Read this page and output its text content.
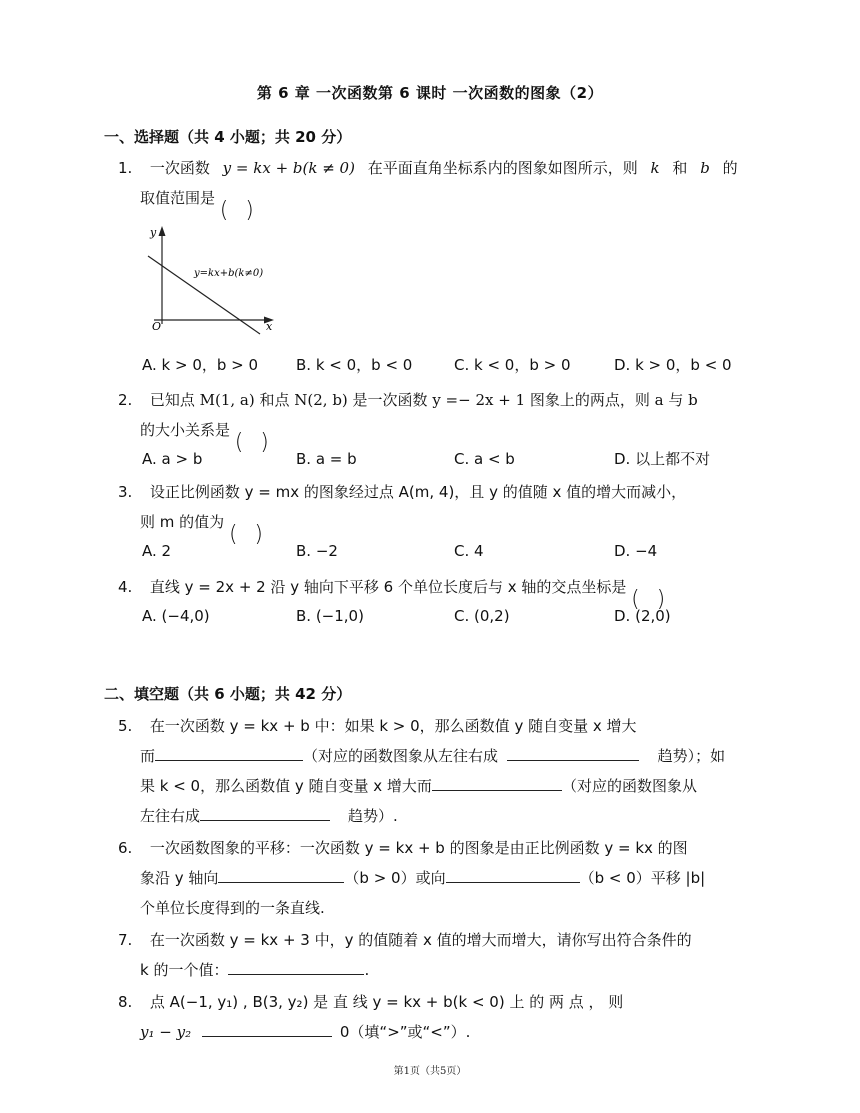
第 6 章 一次函数第 6 课时 一次函数的图象（2）
一、选择题（共 4 小题；共 20 分）
1. 一次函数 y = kx + b(k ≠ 0) 在平面直角坐标系内的图象如图所示，则 k 和 b 的
取值范围是
y=kx+b(k≠0)
y
x
O
A. k > 0，b > 0	B. k < 0，b < 0	C. k < 0，b > 0	D. k > 0，b < 0
2. 已知点 M(1, a) 和点 N(2, b) 是一次函数 y =− 2x + 1 图象上的两点，则 a 与 b
的大小关系是
A. a > b	B. a = b	C. a < b	D. 以上都不对
3. 设正比例函数 y = mx 的图象经过点 A(m, 4)，且 y 的值随 x 值的增大而减小，
则 m 的值为
A. 2	B. −2	C. 4	D. −4
4. 直线 y = 2x + 2 沿 y 轴向下平移 6 个单位长度后与 x 轴的交点坐标是
A. (−4,0)	B. (−1,0)	C. (0,2)	D. (2,0)
二、填空题（共 6 小题；共 42 分）
5. 在一次函数 y = kx + b 中：如果 k > 0，那么函数值 y 随自变量 x 增大
而	（对应的函数图象从左往右成	趋势）；如
果 k < 0，那么函数值 y 随自变量 x 增大而	（对应的函数图象从
左往右成	趋势）.
6. 一次函数图象的平移：一次函数 y = kx + b 的图象是由正比例函数 y = kx 的图
象沿 y 轴向	（b > 0）或向	（b < 0）平移 |b|
个单位长度得到的一条直线.
7. 在一次函数 y = kx + 3 中，y 的值随着 x 值的增大而增大，请你写出符合条件的
k 的一个值：	.
8. 点 A(−1, y₁) , B(3, y₂) 是 直 线 y = kx + b(k < 0) 上 的 两 点 ， 则
y₁ − y₂	0（填“>”或“<”）.
第1页（共5页）
